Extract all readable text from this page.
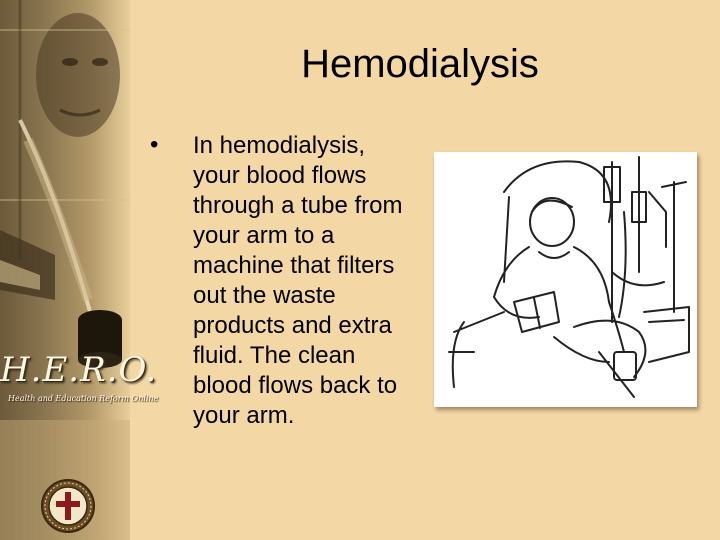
H.E.R.O.
Health and Education Reform Online
Hemodialysis
• In hemodialysis, your blood flows through a tube from your arm to a machine that filters out the waste products and extra fluid. The clean blood flows back to your arm.
